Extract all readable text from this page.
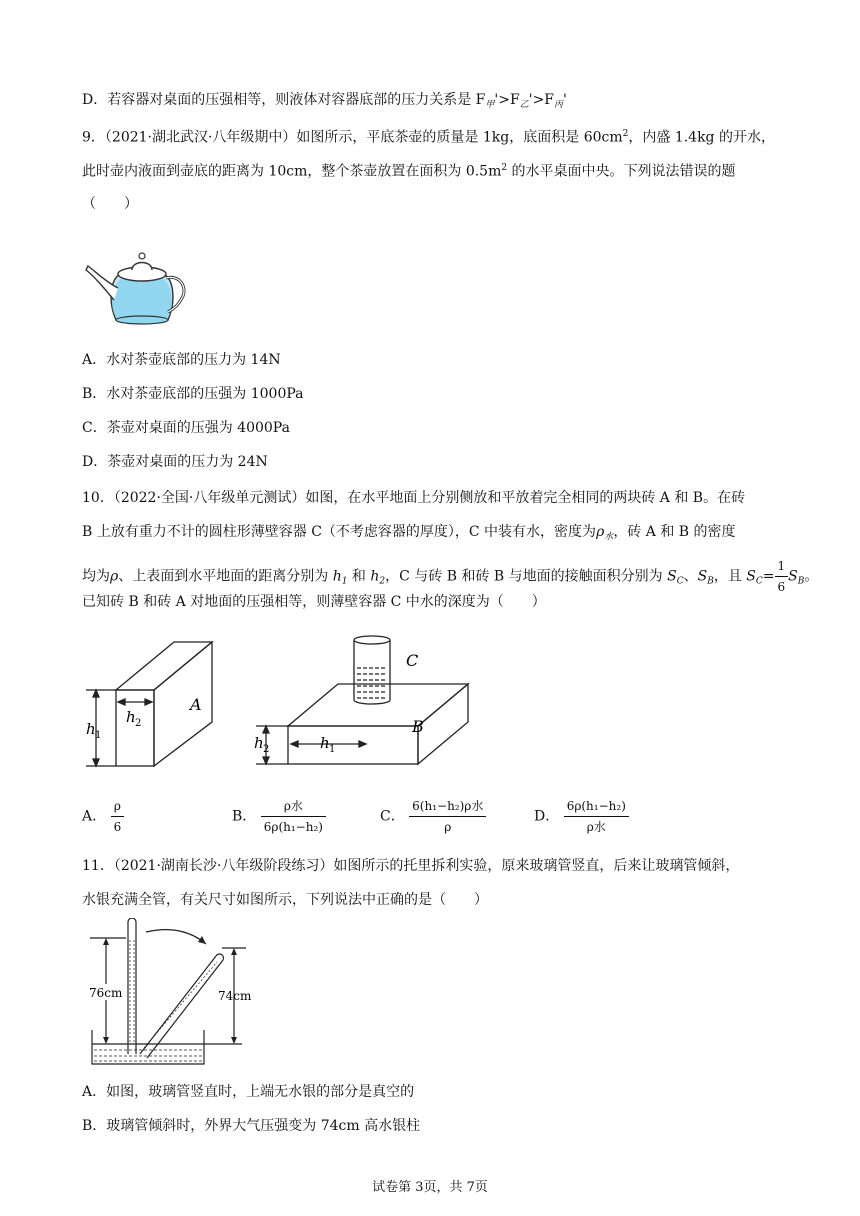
D．若容器对桌面的压强相等，则液体对容器底部的压力关系是 $F_甲'>F_乙'>F_丙'$
9．（2021·湖北武汉·八年级期中）如图所示，平底茶壶的质量是 1kg，底面积是 $60cm^2$，内盛 1.4kg 的开水，
此时壶内液面到壶底的距离为 10cm，整个茶壶放置在面积为 $0.5m^2$ 的水平桌面中央。下列说法错误的题
（　　）
A．水对茶壶底部的压力为 14N
B．水对茶壶底部的压强为 1000Pa
C．茶壶对桌面的压强为 4000Pa
D．茶壶对桌面的压力为 24N
10．（2022·全国·八年级单元测试）如图，在水平地面上分别侧放和平放着完全相同的两块砖 A 和 B。在砖
B 上放有重力不计的圆柱形薄壁容器 C（不考虑容器的厚度），C 中装有水，密度为$\rho_水$，砖 A 和 B 的密度
均为ρ、上表面到水平地面的距离分别为 $h_1$ 和 $h_2$，C 与砖 B 和砖 B 与地面的接触面积分别为 $S_C$、$S_B$，且 $S_C= \frac{1}{6} S_B$。
已知砖 B 和砖 A 对地面的压强相等，则薄壁容器 C 中水的深度为（　　）
A
B
C
h 1
h 2
h 2	h 1
A． $\frac{\rho}{6}$	B． $\frac{\text{ρ水}}{\text{6ρ(h₁−h₂)}}$	C． $\frac{\text{6(h₁−h₂)ρ水}}{\rho}$	D． $\frac{\text{6ρ(h₁−h₂)}}{\text{ρ水}}$
11．（2021·湖南长沙·八年级阶段练习）如图所示的托里拆利实验，原来玻璃管竖直，后来让玻璃管倾斜，
水银充满全管，有关尺寸如图所示，下列说法中正确的是（　　）
76cm	74cm
A．如图，玻璃管竖直时，上端无水银的部分是真空的
B．玻璃管倾斜时，外界大气压强变为 74cm 高水银柱
试卷第 3页，共 7页
